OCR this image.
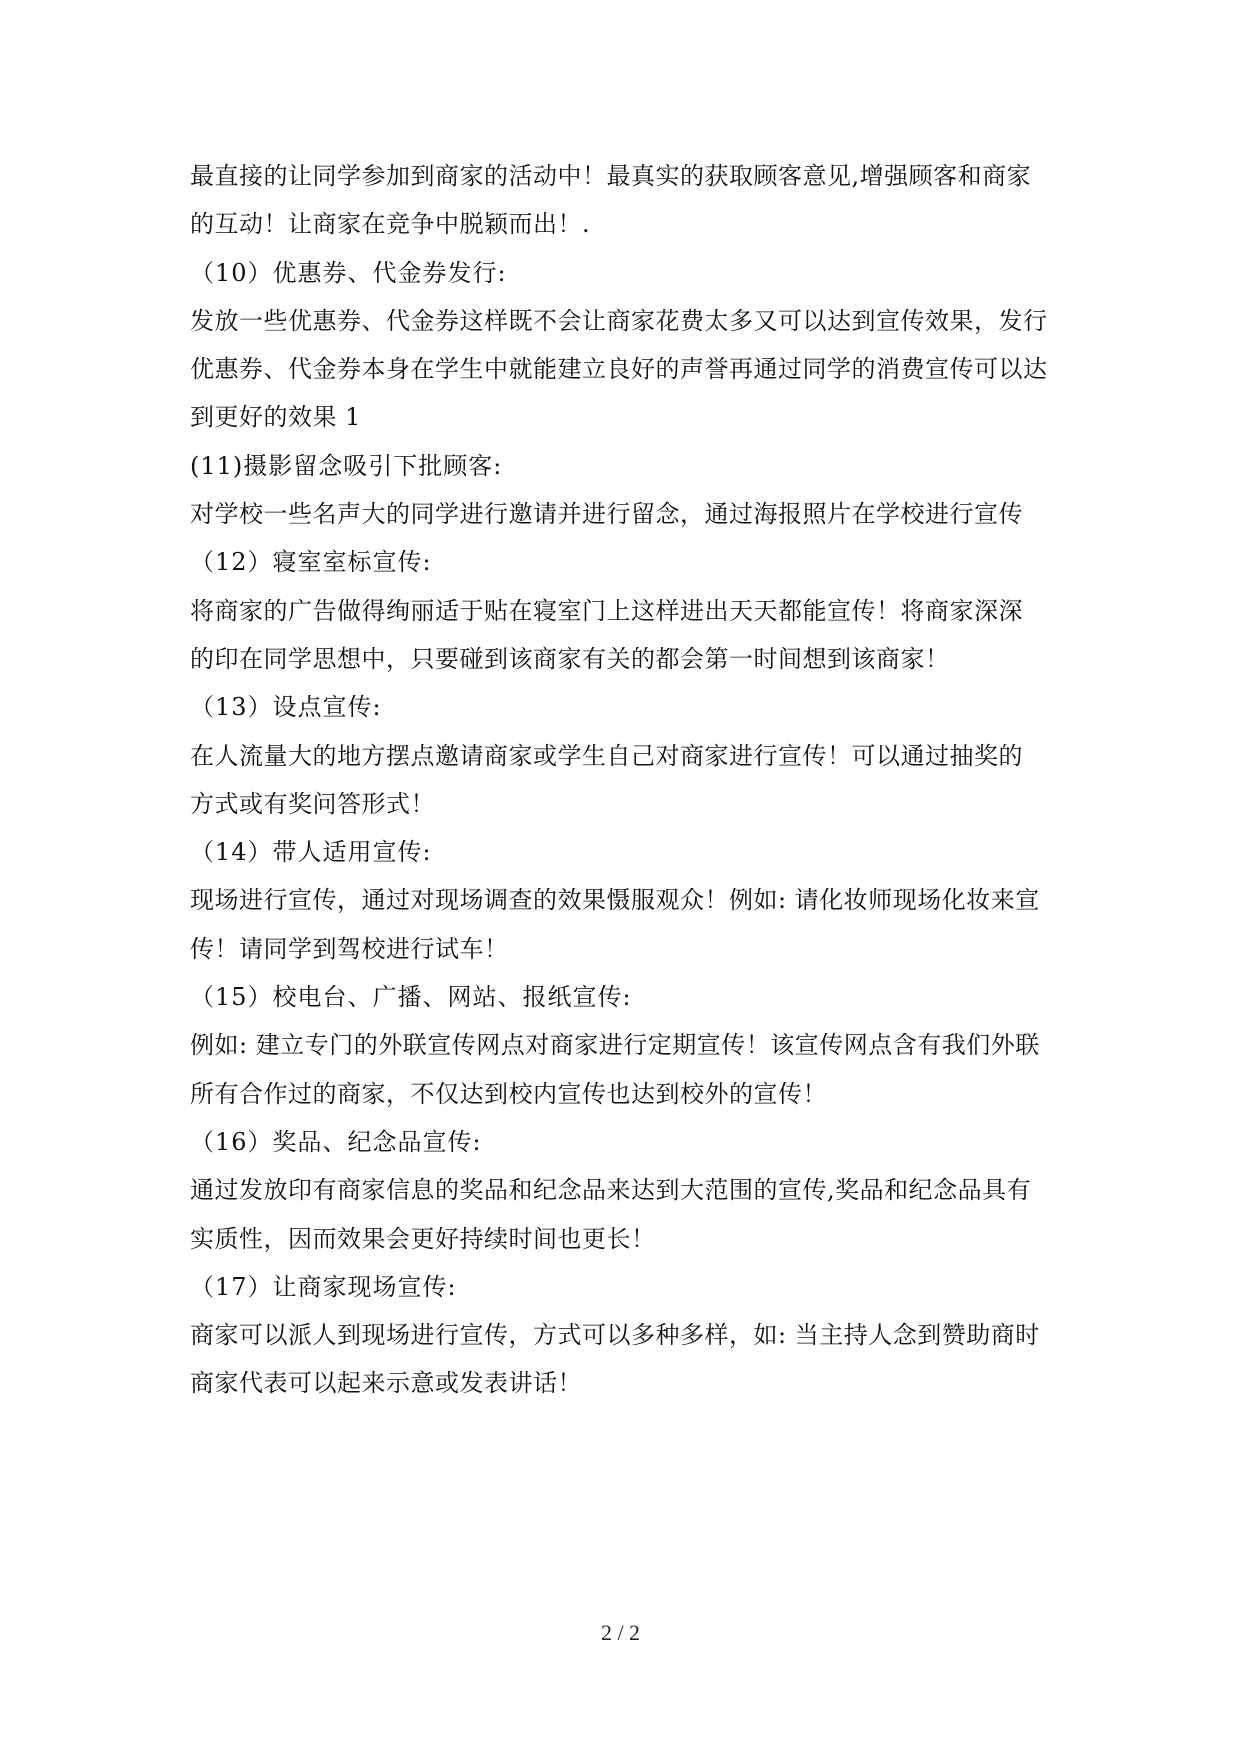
最直接的让同学参加到商家的活动中！最真实的获取顾客意见,增强顾客和商家
的互动！让商家在竞争中脱颖而出！.
（10）优惠券、代金券发行:
发放一些优惠券、代金券这样既不会让商家花费太多又可以达到宣传效果，发行
优惠券、代金券本身在学生中就能建立良好的声誉再通过同学的消费宣传可以达
到更好的效果 1
(11)摄影留念吸引下批顾客:
对学校一些名声大的同学进行邀请并进行留念，通过海报照片在学校进行宣传
（12）寝室室标宣传:
将商家的广告做得绚丽适于贴在寝室门上这样进出天天都能宣传！将商家深深
的印在同学思想中，只要碰到该商家有关的都会第一时间想到该商家！
（13）设点宣传:
在人流量大的地方摆点邀请商家或学生自己对商家进行宣传！可以通过抽奖的
方式或有奖问答形式！
（14）带人适用宣传:
现场进行宣传，通过对现场调查的效果慑服观众！例如: 请化妆师现场化妆来宣
传！请同学到驾校进行试车！
（15）校电台、广播、网站、报纸宣传:
例如: 建立专门的外联宣传网点对商家进行定期宣传！该宣传网点含有我们外联
所有合作过的商家，不仅达到校内宣传也达到校外的宣传！
（16）奖品、纪念品宣传:
通过发放印有商家信息的奖品和纪念品来达到大范围的宣传,奖品和纪念品具有
实质性，因而效果会更好持续时间也更长！
（17）让商家现场宣传:
商家可以派人到现场进行宣传，方式可以多种多样，如: 当主持人念到赞助商时
商家代表可以起来示意或发表讲话！
2 / 2
